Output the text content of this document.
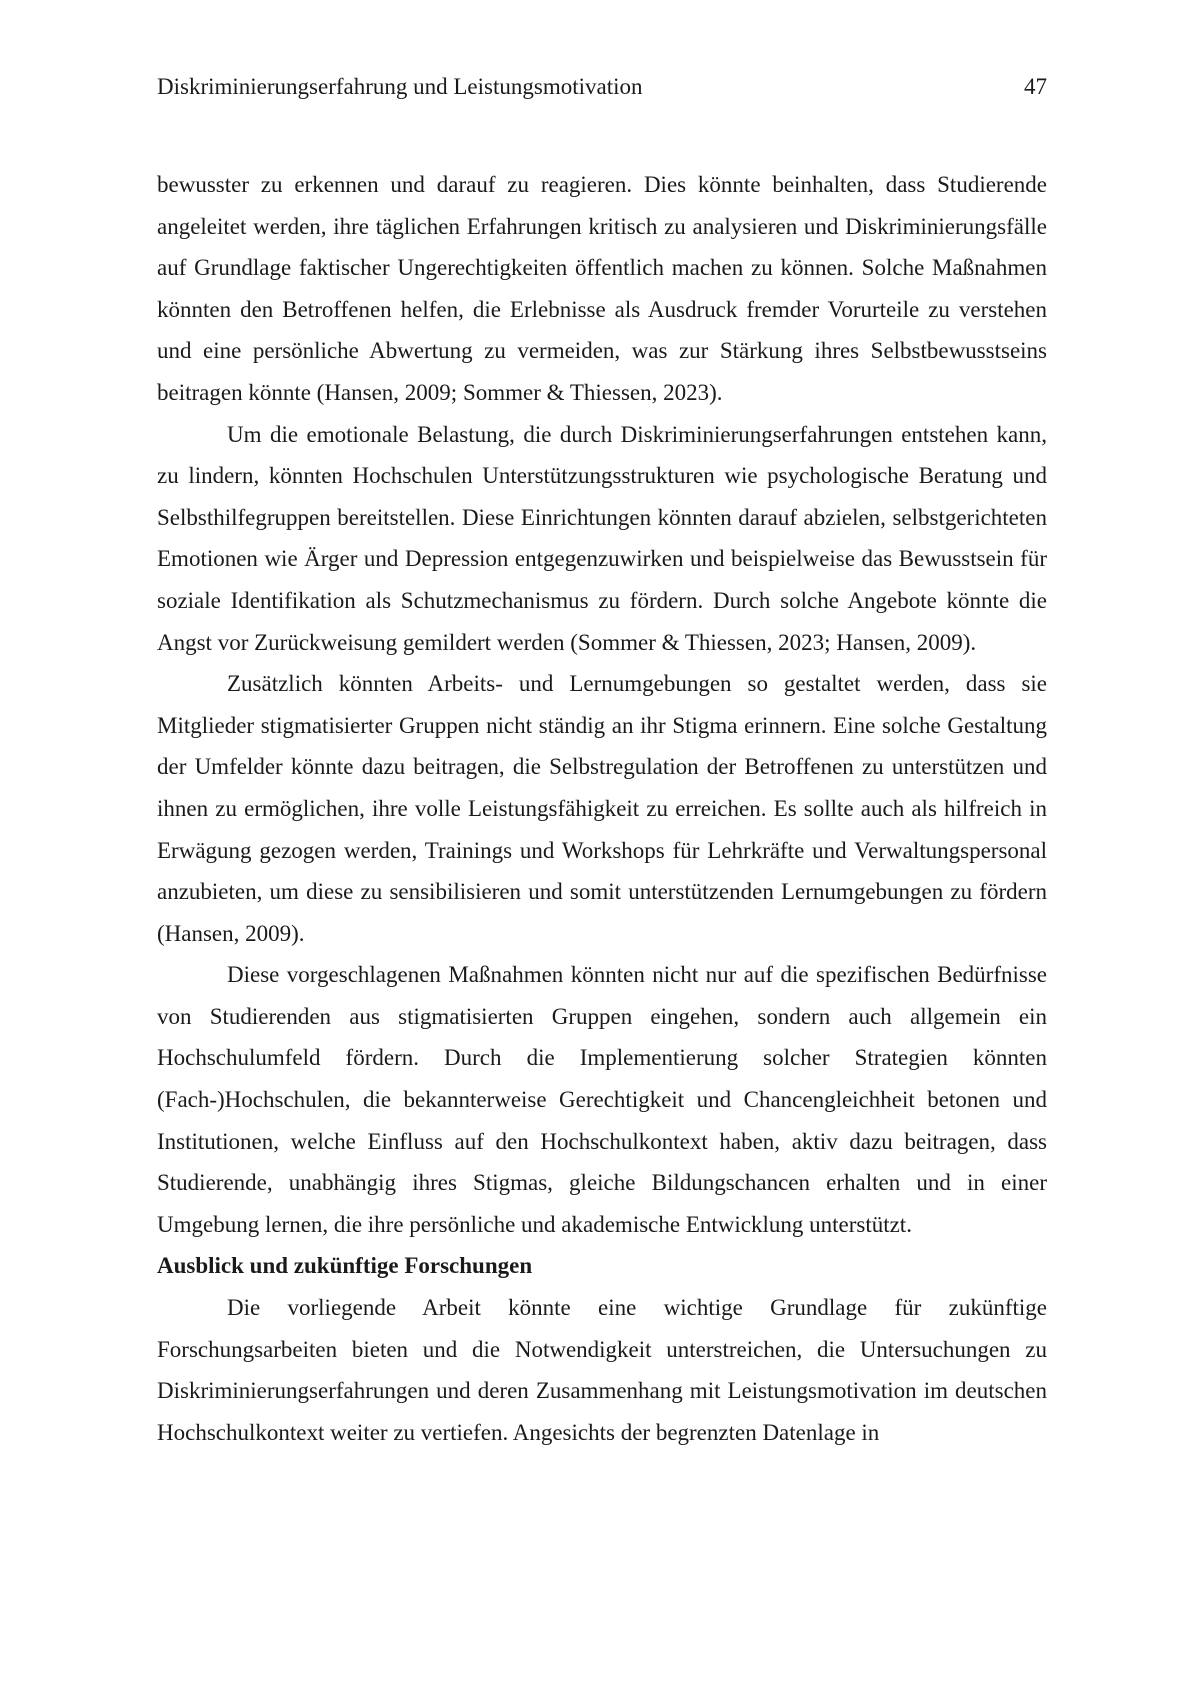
Diskriminierungserfahrung und Leistungsmotivation	47

bewusster zu erkennen und darauf zu reagieren. Dies könnte beinhalten, dass Studierende angeleitet werden, ihre täglichen Erfahrungen kritisch zu analysieren und Diskriminierungsfälle auf Grundlage faktischer Ungerechtigkeiten öffentlich machen zu können. Solche Maßnahmen könnten den Betroffenen helfen, die Erlebnisse als Ausdruck fremder Vorurteile zu verstehen und eine persönliche Abwertung zu vermeiden, was zur Stärkung ihres Selbstbewusstseins beitragen könnte (Hansen, 2009; Sommer & Thiessen, 2023).

Um die emotionale Belastung, die durch Diskriminierungserfahrungen entstehen kann, zu lindern, könnten Hochschulen Unterstützungsstrukturen wie psychologische Beratung und Selbsthilfegruppen bereitstellen. Diese Einrichtungen könnten darauf abzielen, selbstgerichteten Emotionen wie Ärger und Depression entgegenzuwirken und beispielweise das Bewusstsein für soziale Identifikation als Schutzmechanismus zu fördern. Durch solche Angebote könnte die Angst vor Zurückweisung gemildert werden (Sommer & Thiessen, 2023; Hansen, 2009).

Zusätzlich könnten Arbeits- und Lernumgebungen so gestaltet werden, dass sie Mitglieder stigmatisierter Gruppen nicht ständig an ihr Stigma erinnern. Eine solche Gestaltung der Umfelder könnte dazu beitragen, die Selbstregulation der Betroffenen zu unterstützen und ihnen zu ermöglichen, ihre volle Leistungsfähigkeit zu erreichen. Es sollte auch als hilfreich in Erwägung gezogen werden, Trainings und Workshops für Lehrkräfte und Verwaltungspersonal anzubieten, um diese zu sensibilisieren und somit unterstützenden Lernumgebungen zu fördern (Hansen, 2009).

Diese vorgeschlagenen Maßnahmen könnten nicht nur auf die spezifischen Bedürfnisse von Studierenden aus stigmatisierten Gruppen eingehen, sondern auch allgemein ein Hochschulumfeld fördern. Durch die Implementierung solcher Strategien könnten (Fach-)Hochschulen, die bekannterweise Gerechtigkeit und Chancengleichheit betonen und Institutionen, welche Einfluss auf den Hochschulkontext haben, aktiv dazu beitragen, dass Studierende, unabhängig ihres Stigmas, gleiche Bildungschancen erhalten und in einer Umgebung lernen, die ihre persönliche und akademische Entwicklung unterstützt.

Ausblick und zukünftige Forschungen

Die vorliegende Arbeit könnte eine wichtige Grundlage für zukünftige Forschungsarbeiten bieten und die Notwendigkeit unterstreichen, die Untersuchungen zu Diskriminierungserfahrungen und deren Zusammenhang mit Leistungsmotivation im deutschen Hochschulkontext weiter zu vertiefen. Angesichts der begrenzten Datenlage in
